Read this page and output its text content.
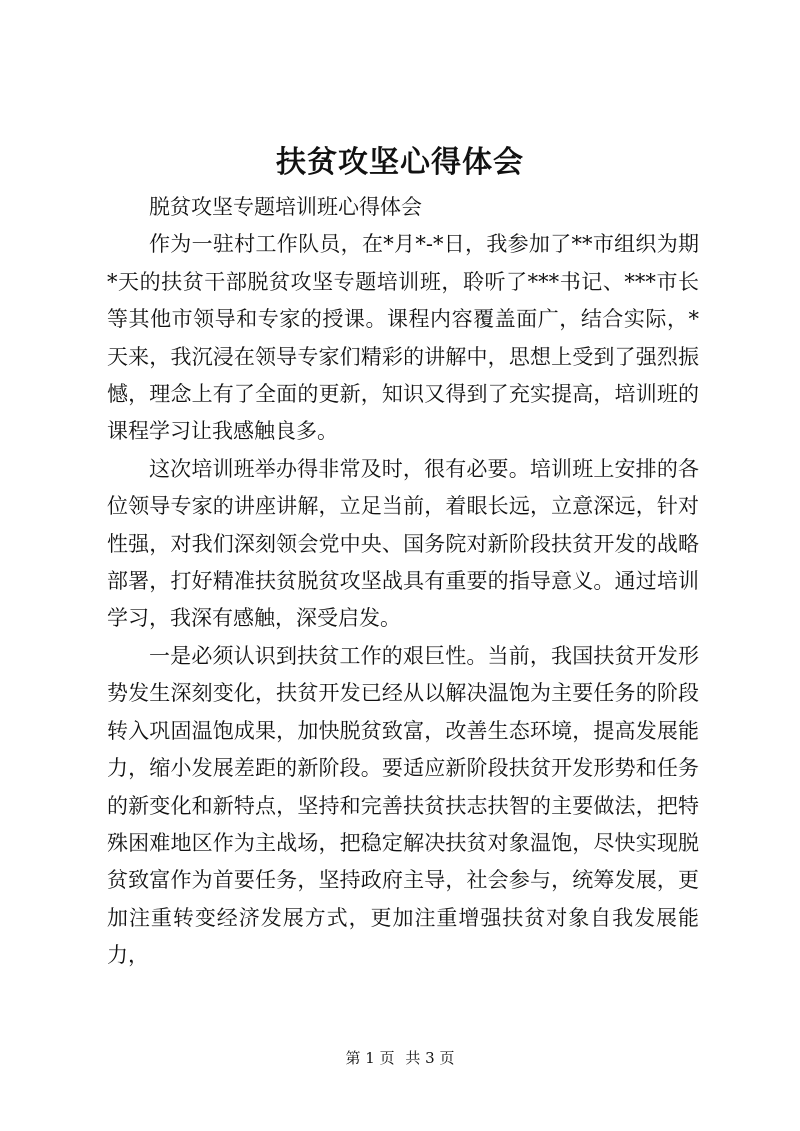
扶贫攻坚心得体会

脱贫攻坚专题培训班心得体会

作为一驻村工作队员，在*月*-*日，我参加了**市组织为期*天的扶贫干部脱贫攻坚专题培训班，聆听了***书记、***市长等其他市领导和专家的授课。课程内容覆盖面广，结合实际，*天来，我沉浸在领导专家们精彩的讲解中，思想上受到了强烈振憾，理念上有了全面的更新，知识又得到了充实提高，培训班的课程学习让我感触良多。

这次培训班举办得非常及时，很有必要。培训班上安排的各位领导专家的讲座讲解，立足当前，着眼长远，立意深远，针对性强，对我们深刻领会党中央、国务院对新阶段扶贫开发的战略部署，打好精准扶贫脱贫攻坚战具有重要的指导意义。通过培训学习，我深有感触，深受启发。

一是必须认识到扶贫工作的艰巨性。当前，我国扶贫开发形势发生深刻变化，扶贫开发已经从以解决温饱为主要任务的阶段转入巩固温饱成果，加快脱贫致富，改善生态环境，提高发展能力，缩小发展差距的新阶段。要适应新阶段扶贫开发形势和任务的新变化和新特点，坚持和完善扶贫扶志扶智的主要做法，把特殊困难地区作为主战场，把稳定解决扶贫对象温饱，尽快实现脱贫致富作为首要任务，坚持政府主导，社会参与，统筹发展，更加注重转变经济发展方式，更加注重增强扶贫对象自我发展能力，

第 1 页 共 3 页
